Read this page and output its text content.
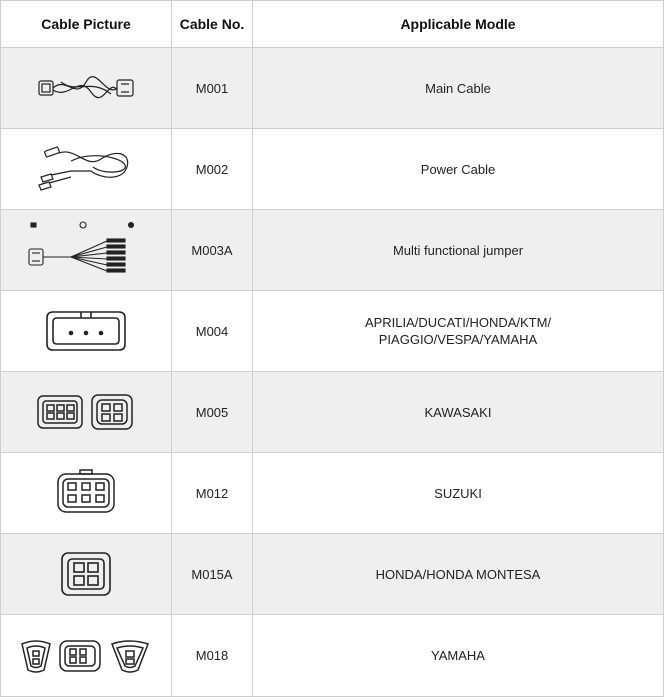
Cable Picture	Cable No.	Applicable Modle

	M001	Main Cable

	M002	Power Cable

	M003A	Multi functional jumper

	M004	APRILIA/DUCATI/HONDA/KTM/
PIAGGIO/VESPA/YAMAHA

	M005	KAWASAKI

	M012	SUZUKI

	M015A	HONDA/HONDA MONTESA

	M018	YAMAHA
